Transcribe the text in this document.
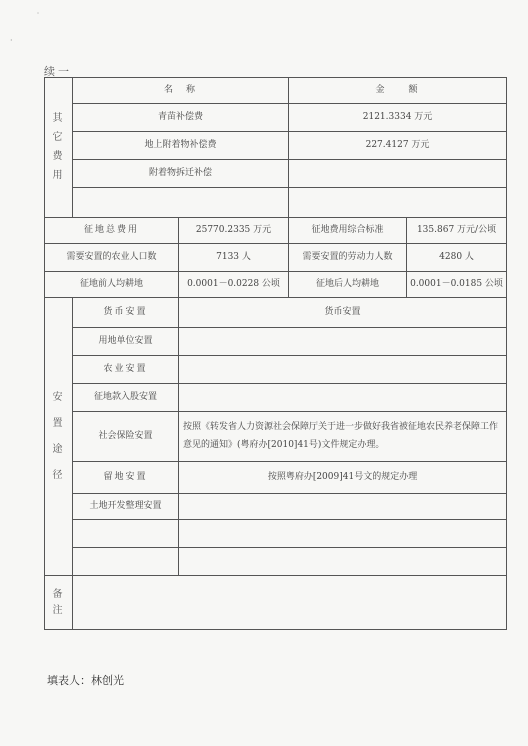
˙
·
续一
其
它
费
用	名　称		金　　额	
	青苗补偿费		2121.3334 万元	
	地上附着物补偿费		227.4127 万元	
	附着物拆迁补偿			

征地总费用		25770.2335 万元	征地费用综合标准	135.867 万元/公顷
需要安置的农业人口数		7133 人	需要安置的劳动力人数	4280 人
征地前人均耕地		0.0001－0.0228 公顷	征地后人均耕地	0.0001－0.0185 公顷

安
置
途
径	货币安置	货币安置		
	用地单位安置			
	农业安置			
	征地款入股安置			
	社会保险安置	按照《转发省人力资源社会保障厅关于进一步做好我省被征地农民养老保障工作意见的通知》(粤府办[2010]41号)文件规定办理。		
	留地安置	按照粤府办[2009]41号文的规定办理		
	土地开发整理安置			

备
注				

填表人：林创光
